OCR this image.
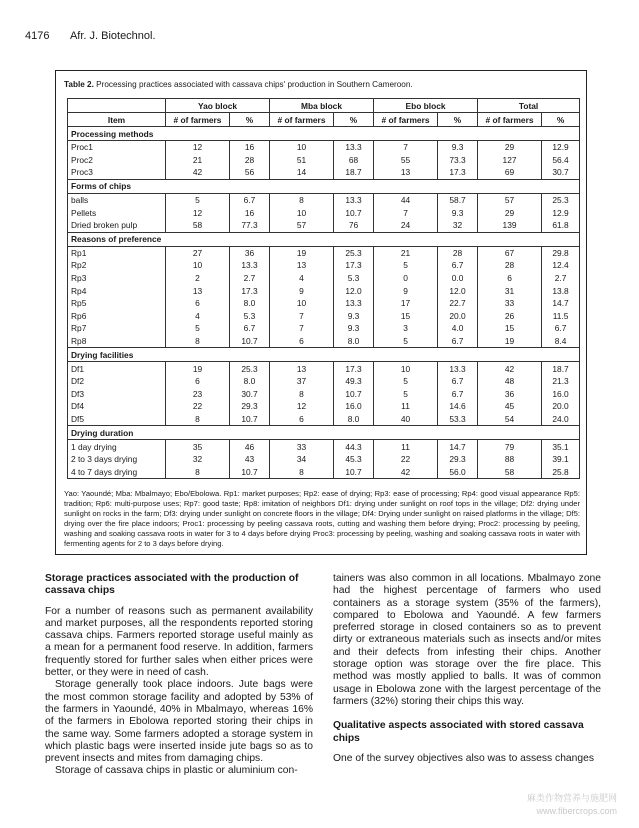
4176 Afr. J. Biotechnol.
Table 2. Processing practices associated with cassava chips' production in Southern Cameroon.
	Yao block		Mba block		Ebo block		Total	
Item	# of farmers	%	# of farmers	%	# of farmers	%	# of farmers	%
Processing methods								
Proc1	12	16	10	13.3	7	9.3	29	12.9
Proc2	21	28	51	68	55	73.3	127	56.4
Proc3	42	56	14	18.7	13	17.3	69	30.7
Forms of chips								
balls	5	6.7	8	13.3	44	58.7	57	25.3
Pellets	12	16	10	10.7	7	9.3	29	12.9
Dried broken pulp	58	77.3	57	76	24	32	139	61.8
Reasons of preference								
Rp1	27	36	19	25.3	21	28	67	29.8
Rp2	10	13.3	13	17.3	5	6.7	28	12.4
Rp3	2	2.7	4	5.3	0	0.0	6	2.7
Rp4	13	17.3	9	12.0	9	12.0	31	13.8
Rp5	6	8.0	10	13.3	17	22.7	33	14.7
Rp6	4	5.3	7	9.3	15	20.0	26	11.5
Rp7	5	6.7	7	9.3	3	4.0	15	6.7
Rp8	8	10.7	6	8.0	5	6.7	19	8.4
Drying facilities								
Df1	19	25.3	13	17.3	10	13.3	42	18.7
Df2	6	8.0	37	49.3	5	6.7	48	21.3
Df3	23	30.7	8	10.7	5	6.7	36	16.0
Df4	22	29.3	12	16.0	11	14.6	45	20.0
Df5	8	10.7	6	8.0	40	53.3	54	24.0
Drying duration								
1 day drying	35	46	33	44.3	11	14.7	79	35.1
2 to 3 days drying	32	43	34	45.3	22	29.3	88	39.1
4 to 7 days drying	8	10.7	8	10.7	42	56.0	58	25.8
Yao: Yaoundé; Mba: Mbalmayo; Ebo/Ebolowa. Rp1: market purposes; Rp2: ease of drying; Rp3: ease of processing; Rp4: good visual appearance Rp5: tradition; Rp6: multi-purpose uses; Rp7: good taste; Rp8: imitation of neighbors Df1: drying under sunlight on roof tops in the village; Df2: drying under sunlight on rocks in the farm; Df3: drying under sunlight on concrete floors in the village; Df4: Drying under sunlight on raised platforms in the village; Df5: drying over the fire place indoors; Proc1: processing by peeling cassava roots, cutting and washing them before drying; Proc2: processing by peeling, washing and soaking cassava roots in water for 3 to 4 days before drying Proc3: processing by peeling, washing and soaking cassava roots in water with fermenting agents for 2 to 3 days before drying.
Storage practices associated with the production of cassava chips

For a number of reasons such as permanent availability and market purposes, all the respondents reported storing cassava chips. Farmers reported storage useful mainly as a mean for a permanent food reserve. In addition, farmers frequently stored for further sales when either prices were better, or they were in need of cash.

Storage generally took place indoors. Jute bags were the most common storage facility and adopted by 53% of the farmers in Yaoundé, 40% in Mbalmayo, whereas 16% of the farmers in Ebolowa reported storing their chips in the same way. Some farmers adopted a storage system in which plastic bags were inserted inside jute bags so as to prevent insects and mites from damaging chips.

Storage of cassava chips in plastic or aluminium con-

tainers was also common in all locations. Mbalmayo zone had the highest percentage of farmers who used containers as a storage system (35% of the farmers), compared to Ebolowa and Yaoundé. A few farmers preferred storage in closed containers so as to prevent dirty or extraneous materials such as insects and/or mites and their defects from infesting their chips. Another storage option was storage over the fire place. This method was mostly applied to balls. It was of common usage in Ebolowa zone with the largest percentage of the farmers (32%) storing their chips this way.

Qualitative aspects associated with stored cassava chips

One of the survey objectives also was to assess changes

麻类作物营养与施肥网
www.fibercrops.com
